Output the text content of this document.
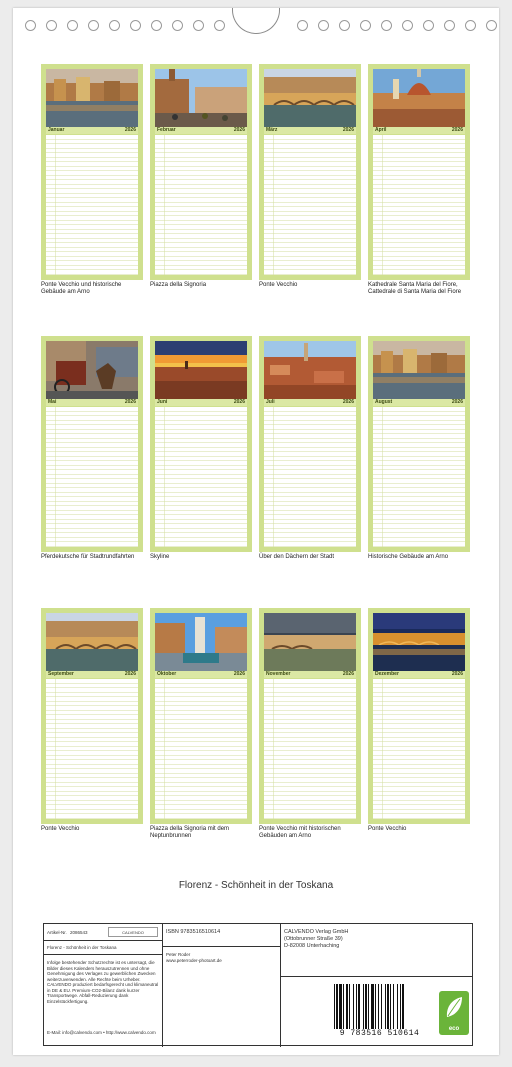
Januar	2026
Ponte Vecchio und historische Gebäude am Arno
Februar	2026
Piazza della Signoria
März	2026
Ponte Vecchio
April	2026
Kathedrale Santa Maria del Fiore, Cattedrale di Santa Maria del Fiore
Mai	2026
Pferdekutsche für Stadtrundfahrten
Juni	2026
Skyline
Juli	2026
Über den Dächern der Stadt
August	2026
Historische Gebäude am Arno
September	2026
Ponte Vecchio
Oktober	2026
Piazza della Signoria mit dem Neptunbrunnen
November	2026
Ponte Vecchio mit historischen Gebäuden am Arno
Dezember	2026
Ponte Vecchio
Florenz - Schönheit in der Toskana
Artikel-Nr. 2086543	CALVENDO
Florenz - Schönheit in der Toskana
Infolge bestehender Schutzrechte ist es untersagt, die Bilder dieses Kalenders herauszutrennen und ohne Genehmigung des Verlages zu gewerblichen Zwecken weiterzuverwenden. Alle Rechte beim Urheber. CALVENDO produziert bedarfsgerecht und klimaneutral in DE & EU. Premium-CO2-Bilanz dank kurzer Transportwege. Abfall-Reduzierung dank Einzelstückfertigung.
E-Mail: info@calvendo.com • http://www.calvendo.com
ISBN 9783516510614
Peter Roder
www.peterroder-photoart.de
CALVENDO Verlag GmbH
(Ottobrunner Straße 39)
D-82008 Unterhaching
9 783516 510614	eco
